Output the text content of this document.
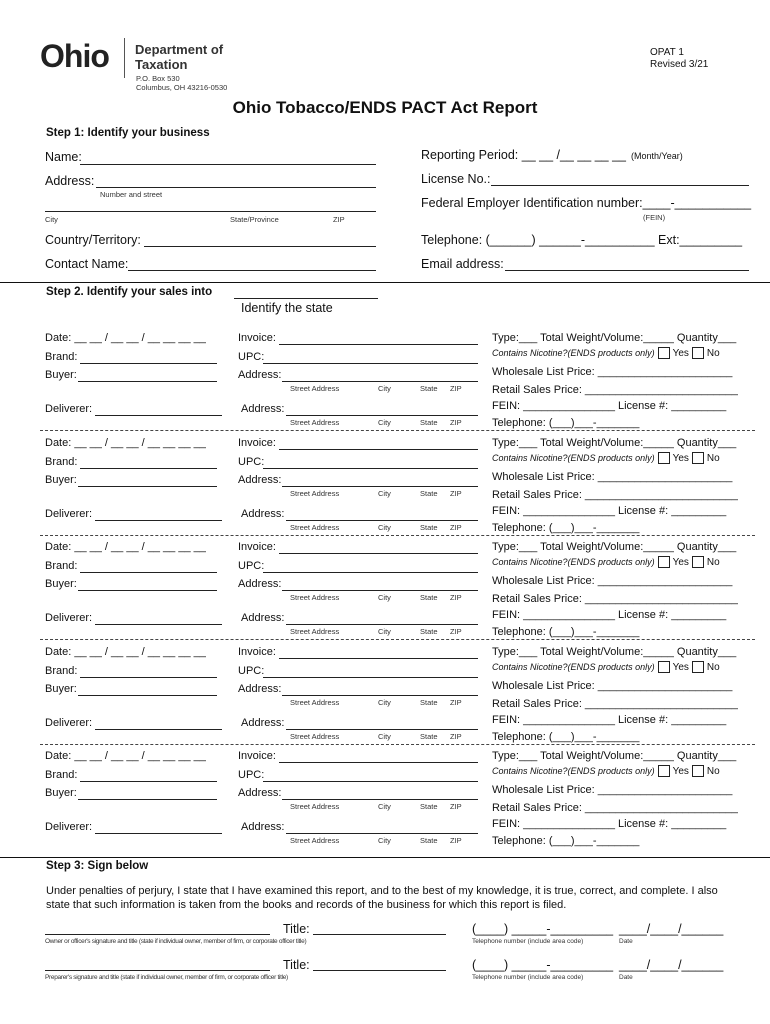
Ohio Department of
Taxation
P.O. Box 530
Columbus, OH 43216-0530
OPAT 1
Revised 3/21
Ohio Tobacco/ENDS PACT Act Report
Step 1: Identify your business
Name:
Address:
Number and street
City	State/Province	ZIP
Country/Territory:
Contact Name:
Reporting Period: __ __ /__ __ __ __ (Month/Year)
License No.:
Federal Employer Identification number:____-___________
(FEIN)
Telephone: (______) ______-__________ Ext:_________
Email address:
Step 2. Identify your sales into
Identify the state
Date: __ __ / __ __ / __ __ __ __
Brand:
Buyer:
Deliverer:
Invoice:
UPC:
Address:
Street Address	City	State ZIP
Address:
Street Address	City	State ZIP
Type:___ Total Weight/Volume:_____ Quantity___
Contains Nicotine?(ENDS products only) Yes No
Wholesale List Price: ______________________
Retail Sales Price: _________________________
FEIN: _______________ License #: _________
Telephone: (___)___-_______
Date: __ __ / __ __ / __ __ __ __
Brand:
Buyer:
Deliverer:
Invoice:
UPC:
Address:
Street Address	City	State ZIP
Address:
Street Address	City	State ZIP
Type:___ Total Weight/Volume:_____ Quantity___
Contains Nicotine?(ENDS products only) Yes No
Wholesale List Price: ______________________
Retail Sales Price: _________________________
FEIN: _______________ License #: _________
Telephone: (___)___-_______
Date: __ __ / __ __ / __ __ __ __
Brand:
Buyer:
Deliverer:
Invoice:
UPC:
Address:
Street Address	City	State ZIP
Address:
Street Address	City	State ZIP
Type:___ Total Weight/Volume:_____ Quantity___
Contains Nicotine?(ENDS products only) Yes No
Wholesale List Price: ______________________
Retail Sales Price: _________________________
FEIN: _______________ License #: _________
Telephone: (___)___-_______
Date: __ __ / __ __ / __ __ __ __
Brand:
Buyer:
Deliverer:
Invoice:
UPC:
Address:
Street Address	City	State ZIP
Address:
Street Address	City	State ZIP
Type:___ Total Weight/Volume:_____ Quantity___
Contains Nicotine?(ENDS products only) Yes No
Wholesale List Price: ______________________
Retail Sales Price: _________________________
FEIN: _______________ License #: _________
Telephone: (___)___-_______
Date: __ __ / __ __ / __ __ __ __
Brand:
Buyer:
Deliverer:
Invoice:
UPC:
Address:
Street Address	City	State ZIP
Address:
Street Address	City	State ZIP
Type:___ Total Weight/Volume:_____ Quantity___
Contains Nicotine?(ENDS products only) Yes No
Wholesale List Price: ______________________
Retail Sales Price: _________________________
FEIN: _______________ License #: _________
Telephone: (___)___-_______
Step 3: Sign below
Under penalties of perjury, I state that I have examined this report, and to the best of my knowledge, it is true, correct, and complete. I also
state that such information is taken from the books and records of the business for which this report is filed.
Title:
Owner or officer's signature and title (state if individual owner, member of firm, or corporate officer title)
(____) _____-_________
Telephone number (include area code)
____/____/______
Date
Title:
Preparer's signature and title (state if individual owner, member of firm, or corporate officer title)
(____) _____-_________
Telephone number (include area code)
____/____/______
Date
